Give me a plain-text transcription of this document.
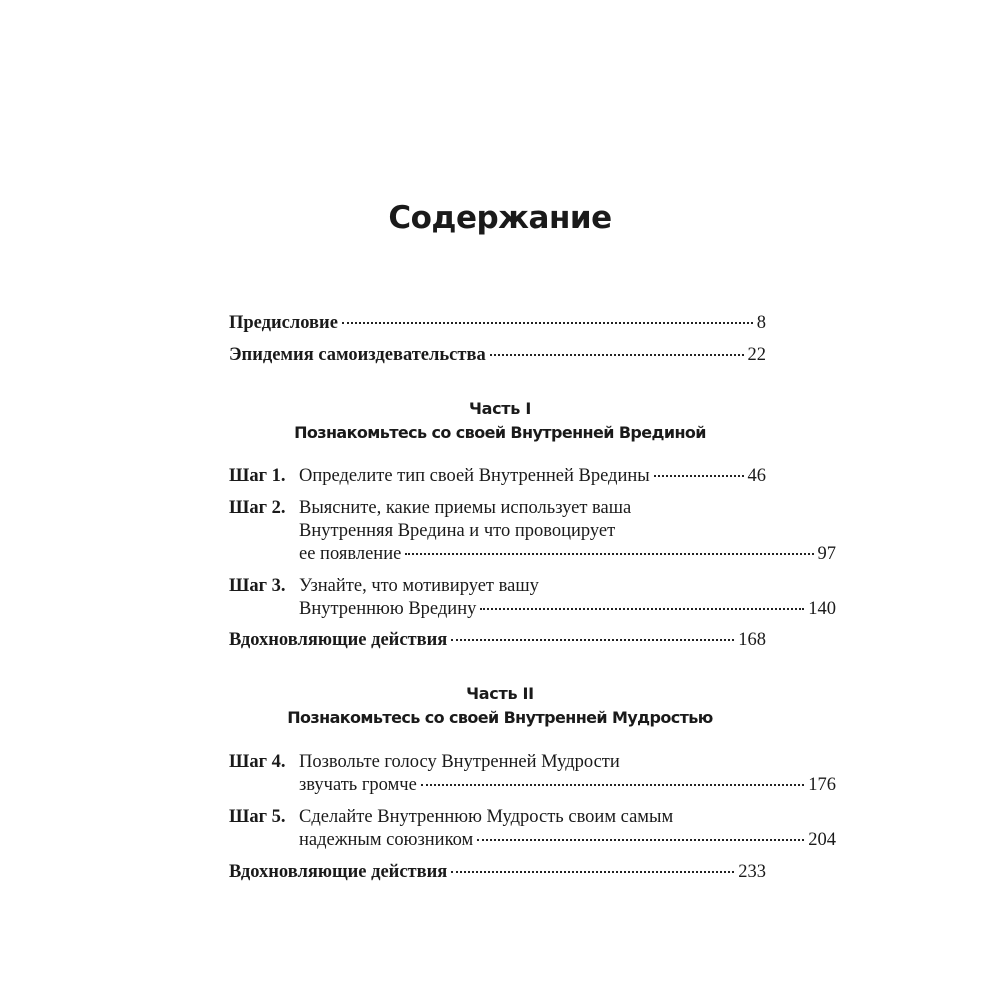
Содержание
Предисловие	8
Эпидемия самоиздевательства	22
Часть I
Познакомьтесь со своей Внутренней Врединой
Шаг 1. Определите тип своей Внутренней Вредины	46
Шаг 2. Выясните, какие приемы использует ваша
Внутренняя Вредина и что провоцирует
ее появление	97
Шаг 3. Узнайте, что мотивирует вашу
Внутреннюю Вредину	140
Вдохновляющие действия	168
Часть II
Познакомьтесь со своей Внутренней Мудростью
Шаг 4. Позвольте голосу Внутренней Мудрости
звучать громче	176
Шаг 5. Сделайте Внутреннюю Мудрость своим самым
надежным союзником	204
Вдохновляющие действия	233
